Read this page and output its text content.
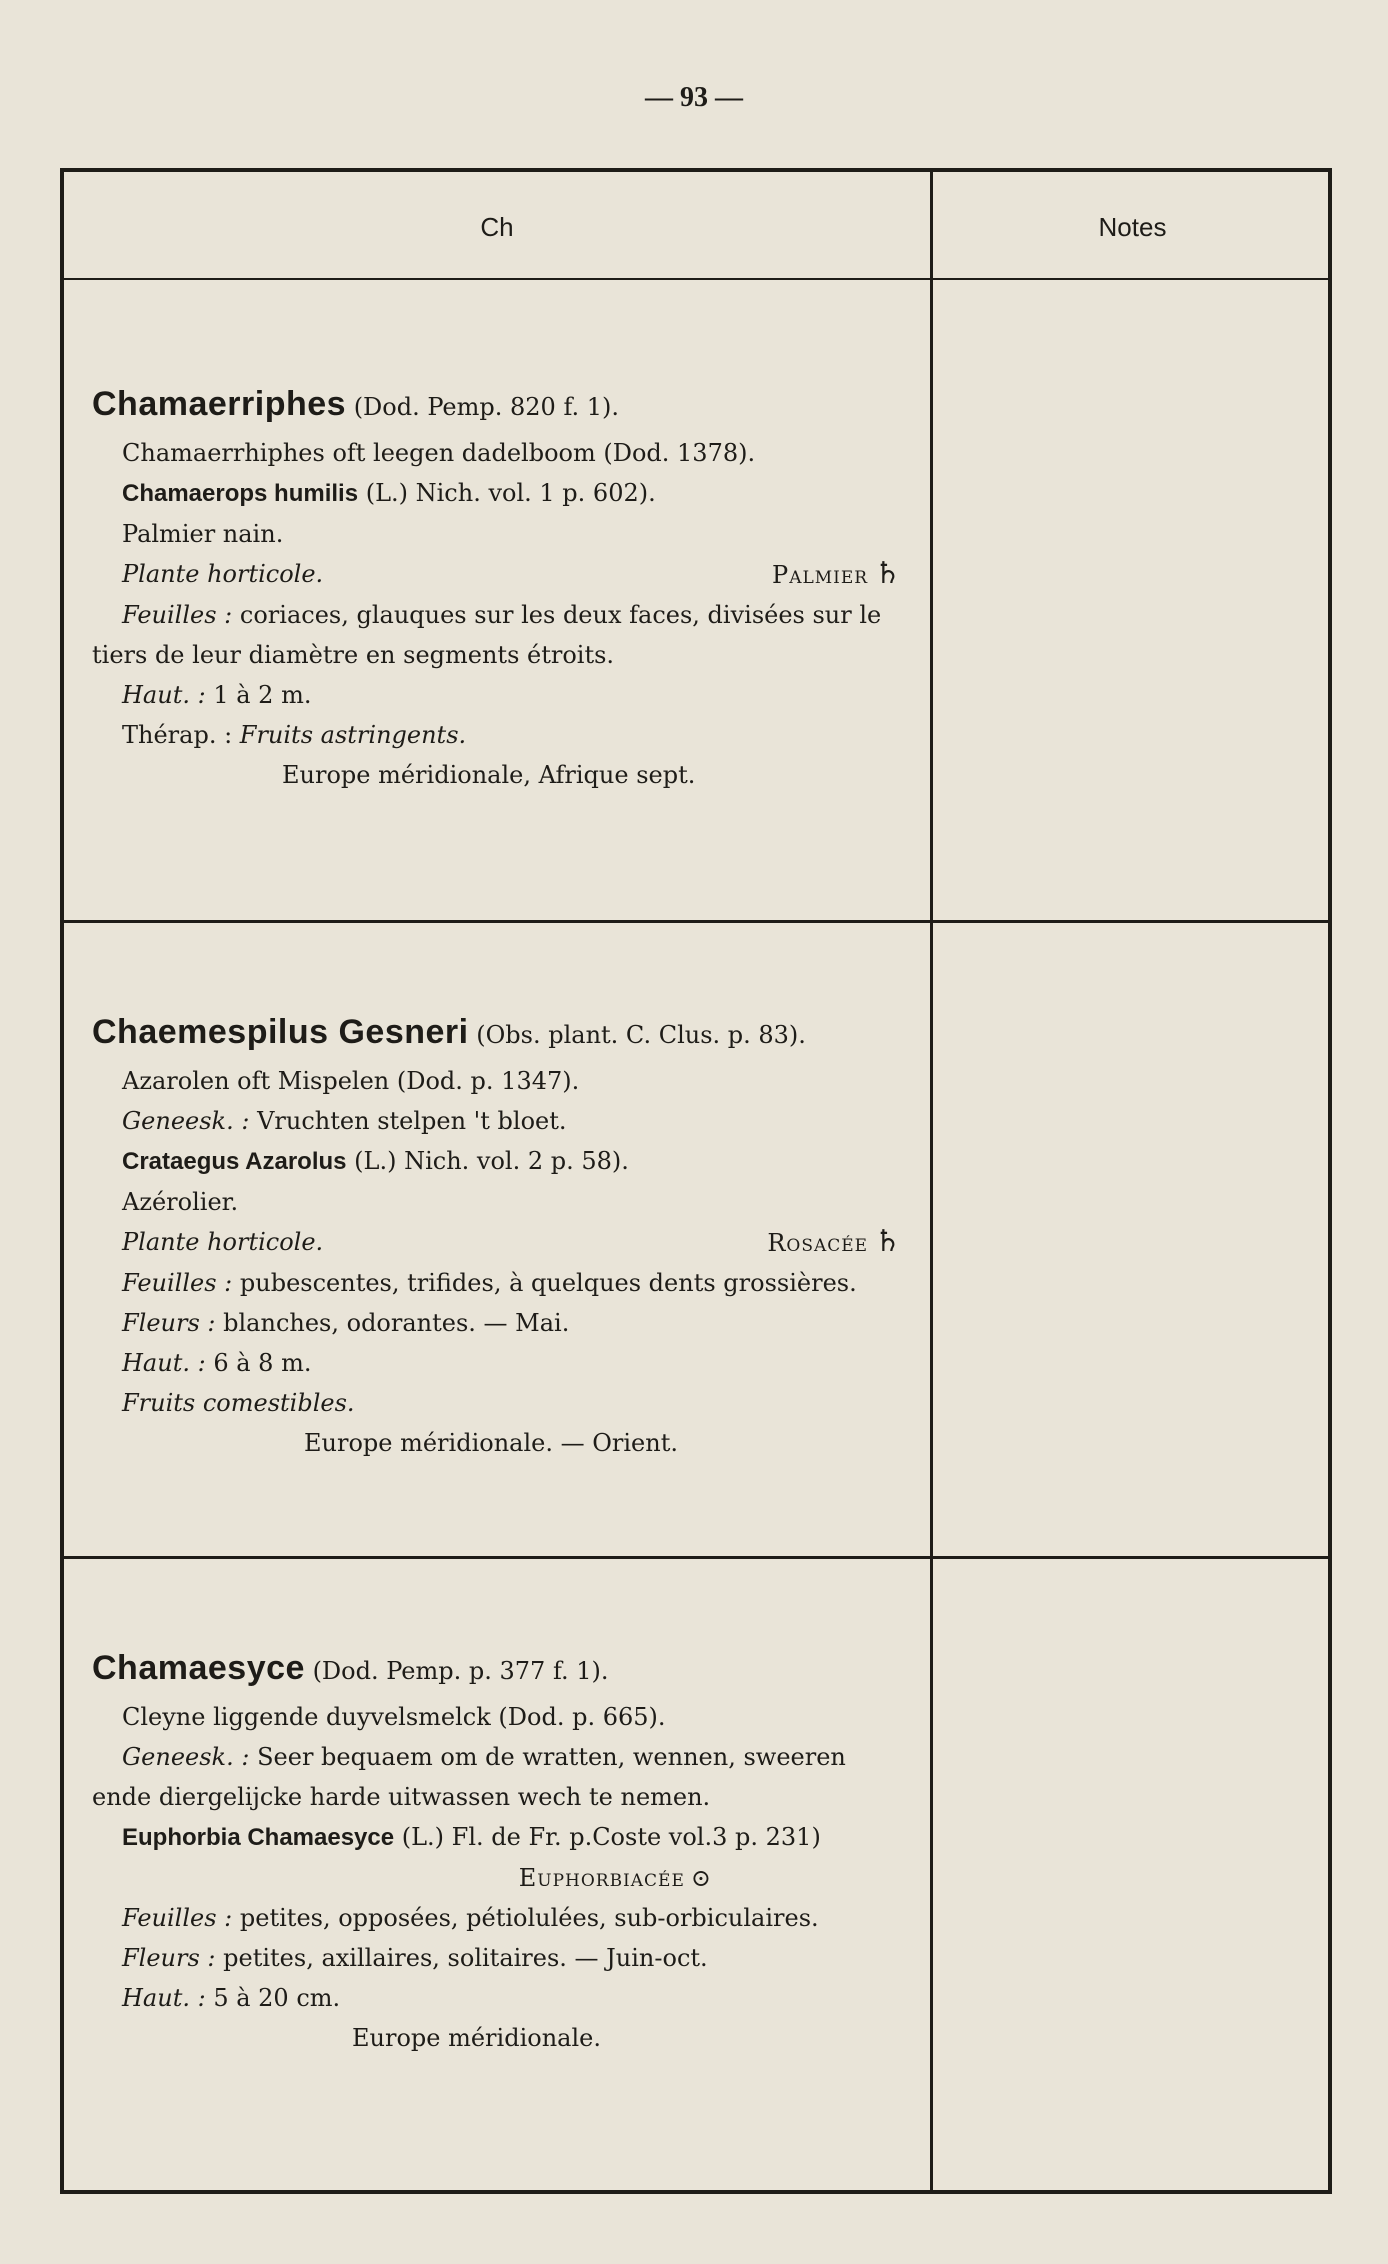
— 93 —
Ch	Notes

Chamaerriphes (Dod. Pemp. 820 f. 1).

Chamaerrhiphes oft leegen dadelboom (Dod. 1378).

Chamaerops humilis (L.) Nich. vol. 1 p. 602).

Palmier nain.

Plante horticole.	Palmier ♄

Feuilles : coriaces, glauques sur les deux faces, divisées sur le tiers de leur diamètre en segments étroits.

Haut. : 1 à 2 m.

Thérap. : Fruits astringents.

Europe méridionale, Afrique sept.

Chaemespilus Gesneri (Obs. plant. C. Clus. p. 83).

Azarolen oft Mispelen (Dod. p. 1347).

Geneesk. : Vruchten stelpen 't bloet.

Crataegus Azarolus (L.) Nich. vol. 2 p. 58).

Azérolier.

Plante horticole.	Rosacée ♄

Feuilles : pubescentes, trifides, à quelques dents grossières.

Fleurs : blanches, odorantes. — Mai.

Haut. : 6 à 8 m.

Fruits comestibles.

Europe méridionale. — Orient.

Chamaesyce (Dod. Pemp. p. 377 f. 1).

Cleyne liggende duyvelsmelck (Dod. p. 665).

Geneesk. : Seer bequaem om de wratten, wennen, sweeren ende diergelijcke harde uitwassen wech te nemen.

Euphorbia Chamaesyce (L.) Fl. de Fr. p.Coste vol.3 p. 231)

Euphorbiacée ⊙

Feuilles : petites, opposées, pétiolulées, sub-orbiculaires.

Fleurs : petites, axillaires, solitaires. — Juin-oct.

Haut. : 5 à 20 cm.

Europe méridionale.
